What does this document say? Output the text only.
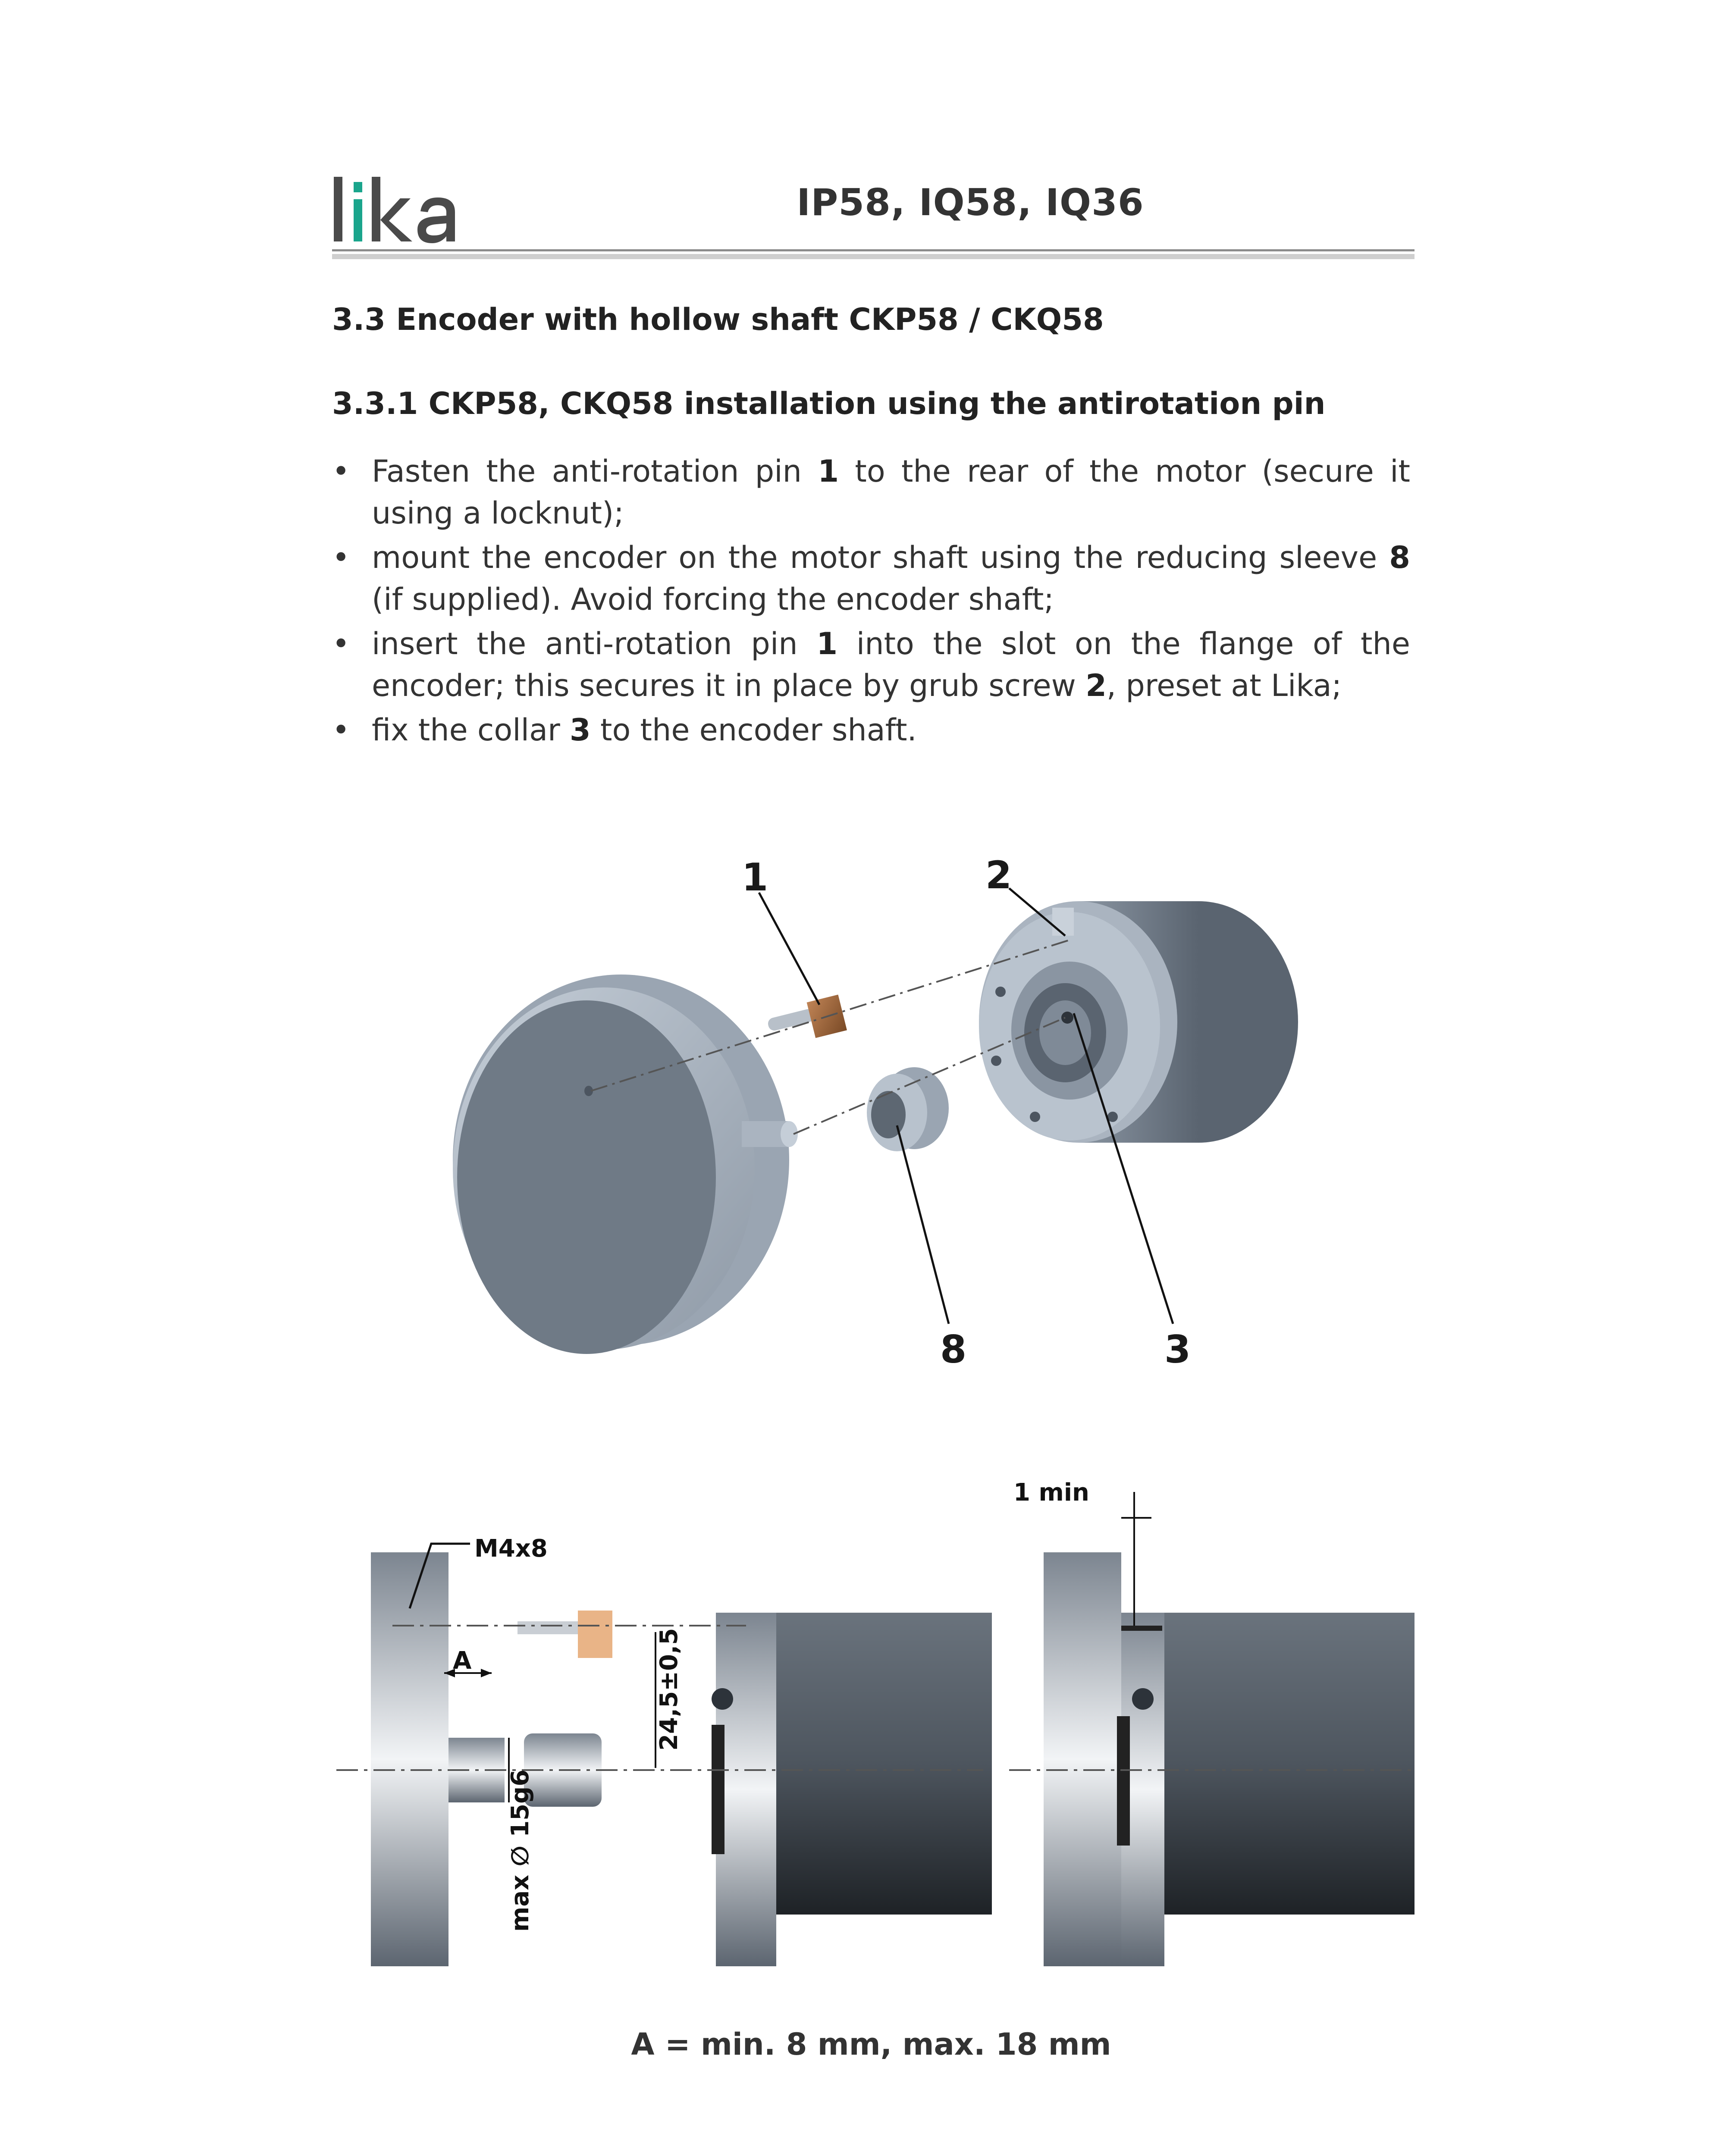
IP58, IQ58, IQ36
3.3 Encoder with hollow shaft CKP58 / CKQ58
3.3.1 CKP58, CKQ58 installation using the antirotation pin
• Fasten the anti-rotation pin 1 to the rear of the motor (secure it using a locknut);
• mount the encoder on the motor shaft using the reducing sleeve 8 (if supplied). Avoid forcing the encoder shaft;
• insert the anti-rotation pin 1 into the slot on the flange of the encoder; this secures it in place by grub screw 2, preset at Lika;
• fix the collar 3 to the encoder shaft.
1	2
8	3
M4x8
A	24,5±0,5
max ∅ 15g6
1 min
A = min. 8 mm, max. 18 mm
